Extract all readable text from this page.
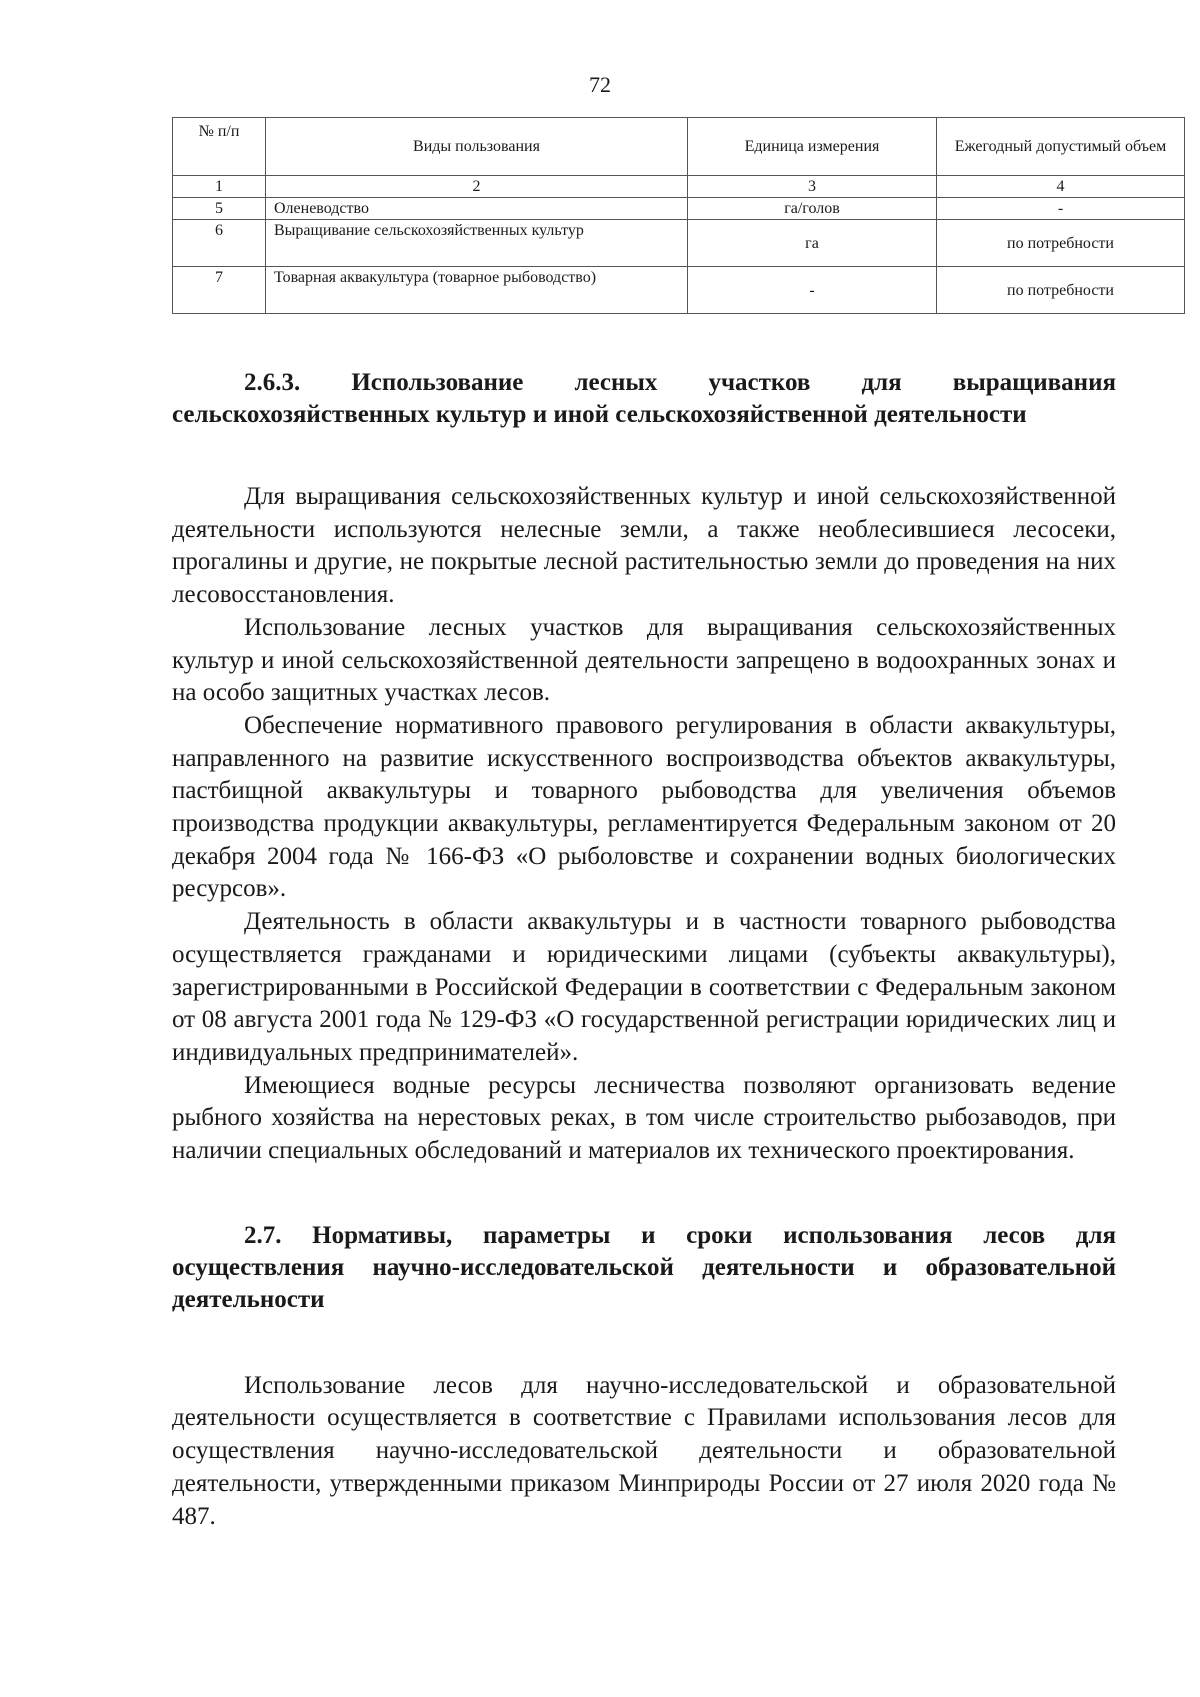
72
№ п/п	Виды пользования	Единица измерения	Ежегодный допустимый объем
1	2	3	4
5	Оленеводство	га/голов	-
6	Выращивание сельскохозяйственных культур	га	по потребности
7	Товарная аквакультура (товарное рыбоводство)	-	по потребности

2.6.3. Использование лесных участков для выращивания сельскохозяйственных культур и иной сельскохозяйственной деятельности

Для выращивания сельскохозяйственных культур и иной сельскохозяйственной деятельности используются нелесные земли, а также необлесившиеся лесосеки, прогалины и другие, не покрытые лесной растительностью земли до проведения на них лесовосстановления.

Использование лесных участков для выращивания сельскохозяйственных культур и иной сельскохозяйственной деятельности запрещено в водоохранных зонах и на особо защитных участках лесов.

Обеспечение нормативного правового регулирования в области аквакультуры, направленного на развитие искусственного воспроизводства объектов аквакультуры, пастбищной аквакультуры и товарного рыбоводства для увеличения объемов производства продукции аквакультуры, регламентируется Федеральным законом от 20 декабря 2004 года № 166-ФЗ «О рыболовстве и сохранении водных биологических ресурсов».

Деятельность в области аквакультуры и в частности товарного рыбоводства осуществляется гражданами и юридическими лицами (субъекты аквакультуры), зарегистрированными в Российской Федерации в соответствии с Федеральным законом от 08 августа 2001 года № 129-ФЗ «О государственной регистрации юридических лиц и индивидуальных предпринимателей».

Имеющиеся водные ресурсы лесничества позволяют организовать ведение рыбного хозяйства на нерестовых реках, в том числе строительство рыбозаводов, при наличии специальных обследований и материалов их технического проектирования.

2.7. Нормативы, параметры и сроки использования лесов для осуществления научно-исследовательской деятельности и образовательной деятельности

Использование лесов для научно-исследовательской и образовательной деятельности осуществляется в соответствие с Правилами использования лесов для осуществления научно-исследовательской деятельности и образовательной деятельности, утвержденными приказом Минприроды России от 27 июля 2020 года № 487.
